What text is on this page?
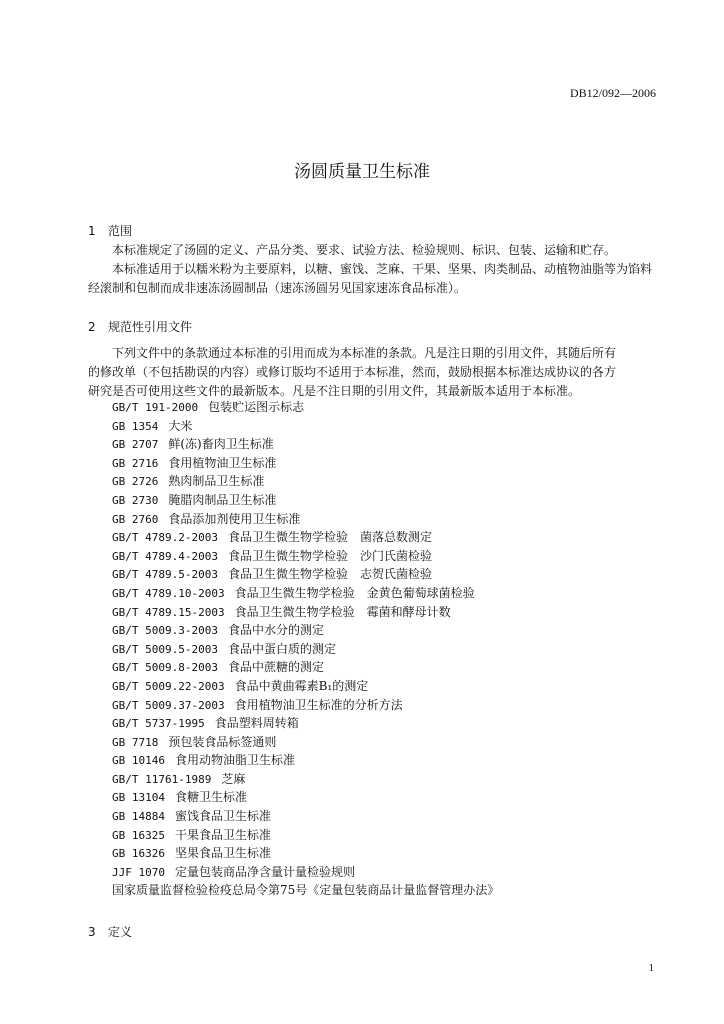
DB12/092—2006
汤圆质量卫生标准
1 范围
本标准规定了汤圆的定义、产品分类、要求、试验方法、检验规则、标识、包装、运输和贮存。
本标准适用于以糯米粉为主要原料，以糖、蜜饯、芝麻、干果、坚果、肉类制品、动植物油脂等为馅料
经滚制和包制而成非速冻汤圆制品（速冻汤圆另见国家速冻食品标准）。
2 规范性引用文件
下列文件中的条款通过本标准的引用而成为本标准的条款。凡是注日期的引用文件，其随后所有
的修改单（不包括勘误的内容）或修订版均不适用于本标准，然而，鼓励根据本标准达成协议的各方
研究是否可使用这些文件的最新版本。凡是不注日期的引用文件，其最新版本适用于本标准。
GB/T 191-2000 包装贮运图示标志
GB 1354 大米
GB 2707 鲜(冻)畜肉卫生标准
GB 2716 食用植物油卫生标准
GB 2726 熟肉制品卫生标准
GB 2730 腌腊肉制品卫生标准
GB 2760 食品添加剂使用卫生标准
GB/T 4789.2-2003 食品卫生微生物学检验　菌落总数测定
GB/T 4789.4-2003 食品卫生微生物学检验　沙门氏菌检验
GB/T 4789.5-2003 食品卫生微生物学检验　志贺氏菌检验
GB/T 4789.10-2003 食品卫生微生物学检验　金黄色葡萄球菌检验
GB/T 4789.15-2003 食品卫生微生物学检验　霉菌和酵母计数
GB/T 5009.3-2003 食品中水分的测定
GB/T 5009.5-2003 食品中蛋白质的测定
GB/T 5009.8-2003 食品中蔗糖的测定
GB/T 5009.22-2003 食品中黄曲霉素B₁的测定
GB/T 5009.37-2003 食用植物油卫生标准的分析方法
GB/T 5737-1995 食品塑料周转箱
GB 7718 预包装食品标签通则
GB 10146 食用动物油脂卫生标准
GB/T 11761-1989 芝麻
GB 13104 食糖卫生标准
GB 14884 蜜饯食品卫生标准
GB 16325 干果食品卫生标准
GB 16326 坚果食品卫生标准
JJF 1070 定量包装商品净含量计量检验规则
国家质量监督检验检疫总局令第75号《定量包装商品计量监督管理办法》
3 定义
1
